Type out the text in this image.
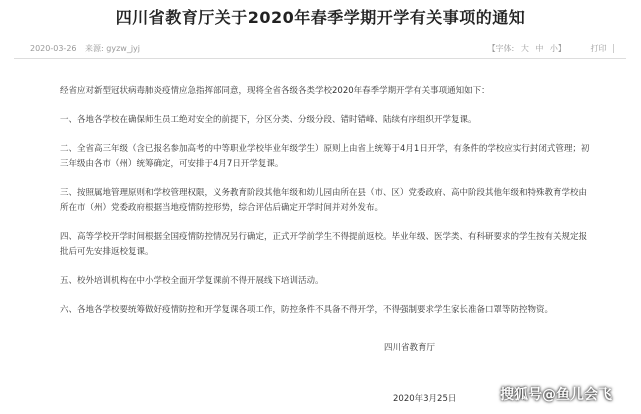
四川省教育厅关于2020年春季学期开学有关事项的通知
2020-03-26 来源: gyzw_jyj	【字体: 大 中 小】	打印

经省应对新型冠状病毒肺炎疫情应急指挥部同意，现将全省各级各类学校2020年春季学期开学有关事项通知如下：

一、各地各学校在确保师生员工绝对安全的前提下，分区分类、分级分段、错时错峰、陆续有序组织开学复课。

二、全省高三年级（含已报名参加高考的中等职业学校毕业年级学生）原则上由省上统筹于4月1日开学，有条件的学校应实行封闭式管理；初三年级由各市（州）统筹确定，可安排于4月7日开学复课。

三、按照属地管理原则和学校管理权限，义务教育阶段其他年级和幼儿园由所在县（市、区）党委政府、高中阶段其他年级和特殊教育学校由所在市（州）党委政府根据当地疫情防控形势，综合评估后确定开学时间并对外发布。

四、高等学校开学时间根据全国疫情防控情况另行确定，正式开学前学生不得提前返校。毕业年级、医学类、有科研要求的学生按有关规定报批后可先安排返校复课。

五、校外培训机构在中小学校全面开学复课前不得开展线下培训活动。

六、各地各学校要统筹做好疫情防控和开学复课各项工作，防控条件不具备不得开学，不得强制要求学生家长准备口罩等防控物资。

四川省教育厅
2020年3月25日	搜狐号@鱼儿会飞
